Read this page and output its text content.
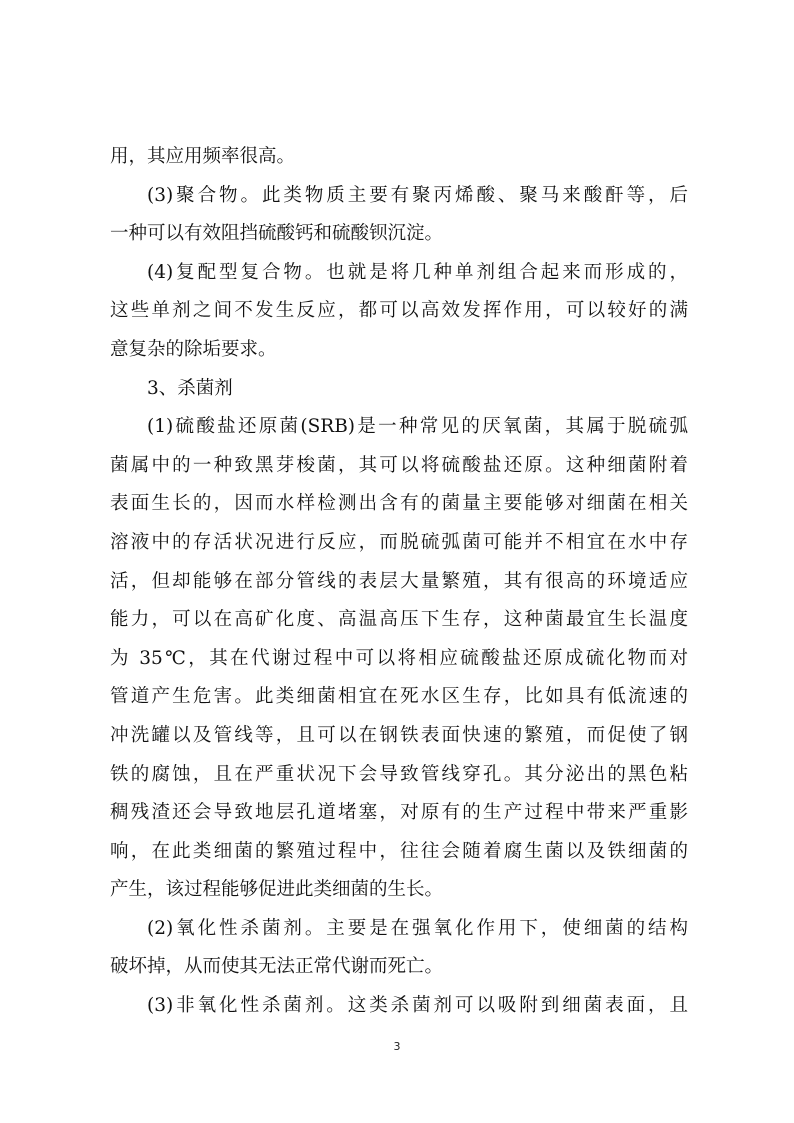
用，其应用频率很高。
(3)聚合物。此类物质主要有聚丙烯酸、聚马来酸酐等，后
一种可以有效阻挡硫酸钙和硫酸钡沉淀。
(4)复配型复合物。也就是将几种单剂组合起来而形成的，
这些单剂之间不发生反应，都可以高效发挥作用，可以较好的满
意复杂的除垢要求。
3、杀菌剂
(1)硫酸盐还原菌(SRB)是一种常见的厌氧菌，其属于脱硫弧
菌属中的一种致黑芽梭菌，其可以将硫酸盐还原。这种细菌附着
表面生长的，因而水样检测出含有的菌量主要能够对细菌在相关
溶液中的存活状况进行反应，而脱硫弧菌可能并不相宜在水中存
活，但却能够在部分管线的表层大量繁殖，其有很高的环境适应
能力，可以在高矿化度、高温高压下生存，这种菌最宜生长温度
为 35℃，其在代谢过程中可以将相应硫酸盐还原成硫化物而对
管道产生危害。此类细菌相宜在死水区生存，比如具有低流速的
冲洗罐以及管线等，且可以在钢铁表面快速的繁殖，而促使了钢
铁的腐蚀，且在严重状况下会导致管线穿孔。其分泌出的黑色粘
稠残渣还会导致地层孔道堵塞，对原有的生产过程中带来严重影
响，在此类细菌的繁殖过程中，往往会随着腐生菌以及铁细菌的
产生，该过程能够促进此类细菌的生长。
(2)氧化性杀菌剂。主要是在强氧化作用下，使细菌的结构
破坏掉，从而使其无法正常代谢而死亡。
(3)非氧化性杀菌剂。这类杀菌剂可以吸附到细菌表面，且
3
